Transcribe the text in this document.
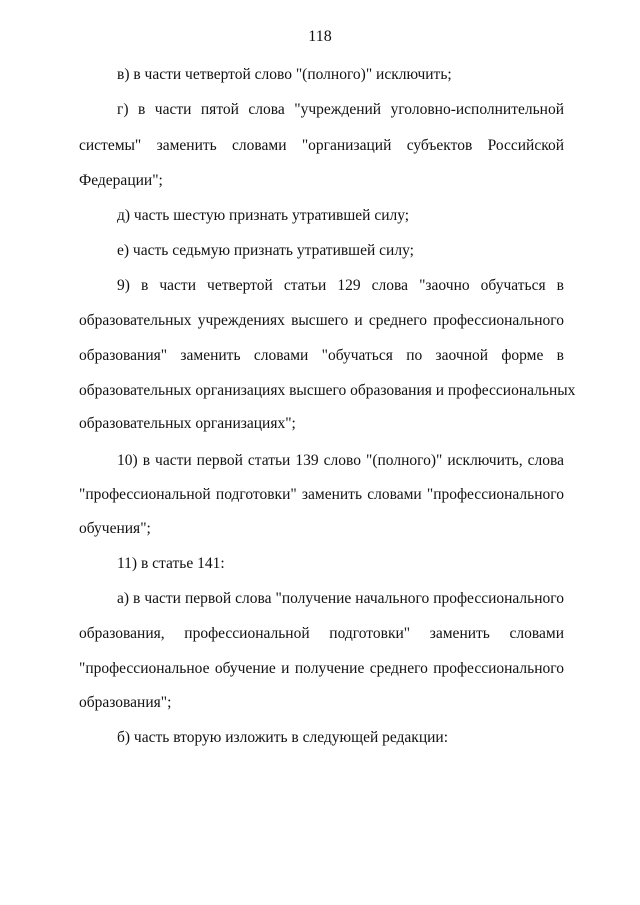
118
в) в части четвертой слово "(полного)" исключить;
г) в части пятой слова "учреждений уголовно-исполнительной
системы" заменить словами "организаций субъектов Российской
Федерации";
д) часть шестую признать утратившей силу;
е) часть седьмую признать утратившей силу;
9) в части четвертой статьи 129 слова "заочно обучаться в
образовательных учреждениях высшего и среднего профессионального
образования" заменить словами "обучаться по заочной форме в
образовательных организациях высшего образования и профессиональных
образовательных организациях";
10) в части первой статьи 139 слово "(полного)" исключить, слова
"профессиональной подготовки" заменить словами "профессионального
обучения";
11) в статье 141:
а) в части первой слова "получение начального профессионального
образования, профессиональной подготовки" заменить словами
"профессиональное обучение и получение среднего профессионального
образования";
б) часть вторую изложить в следующей редакции:
